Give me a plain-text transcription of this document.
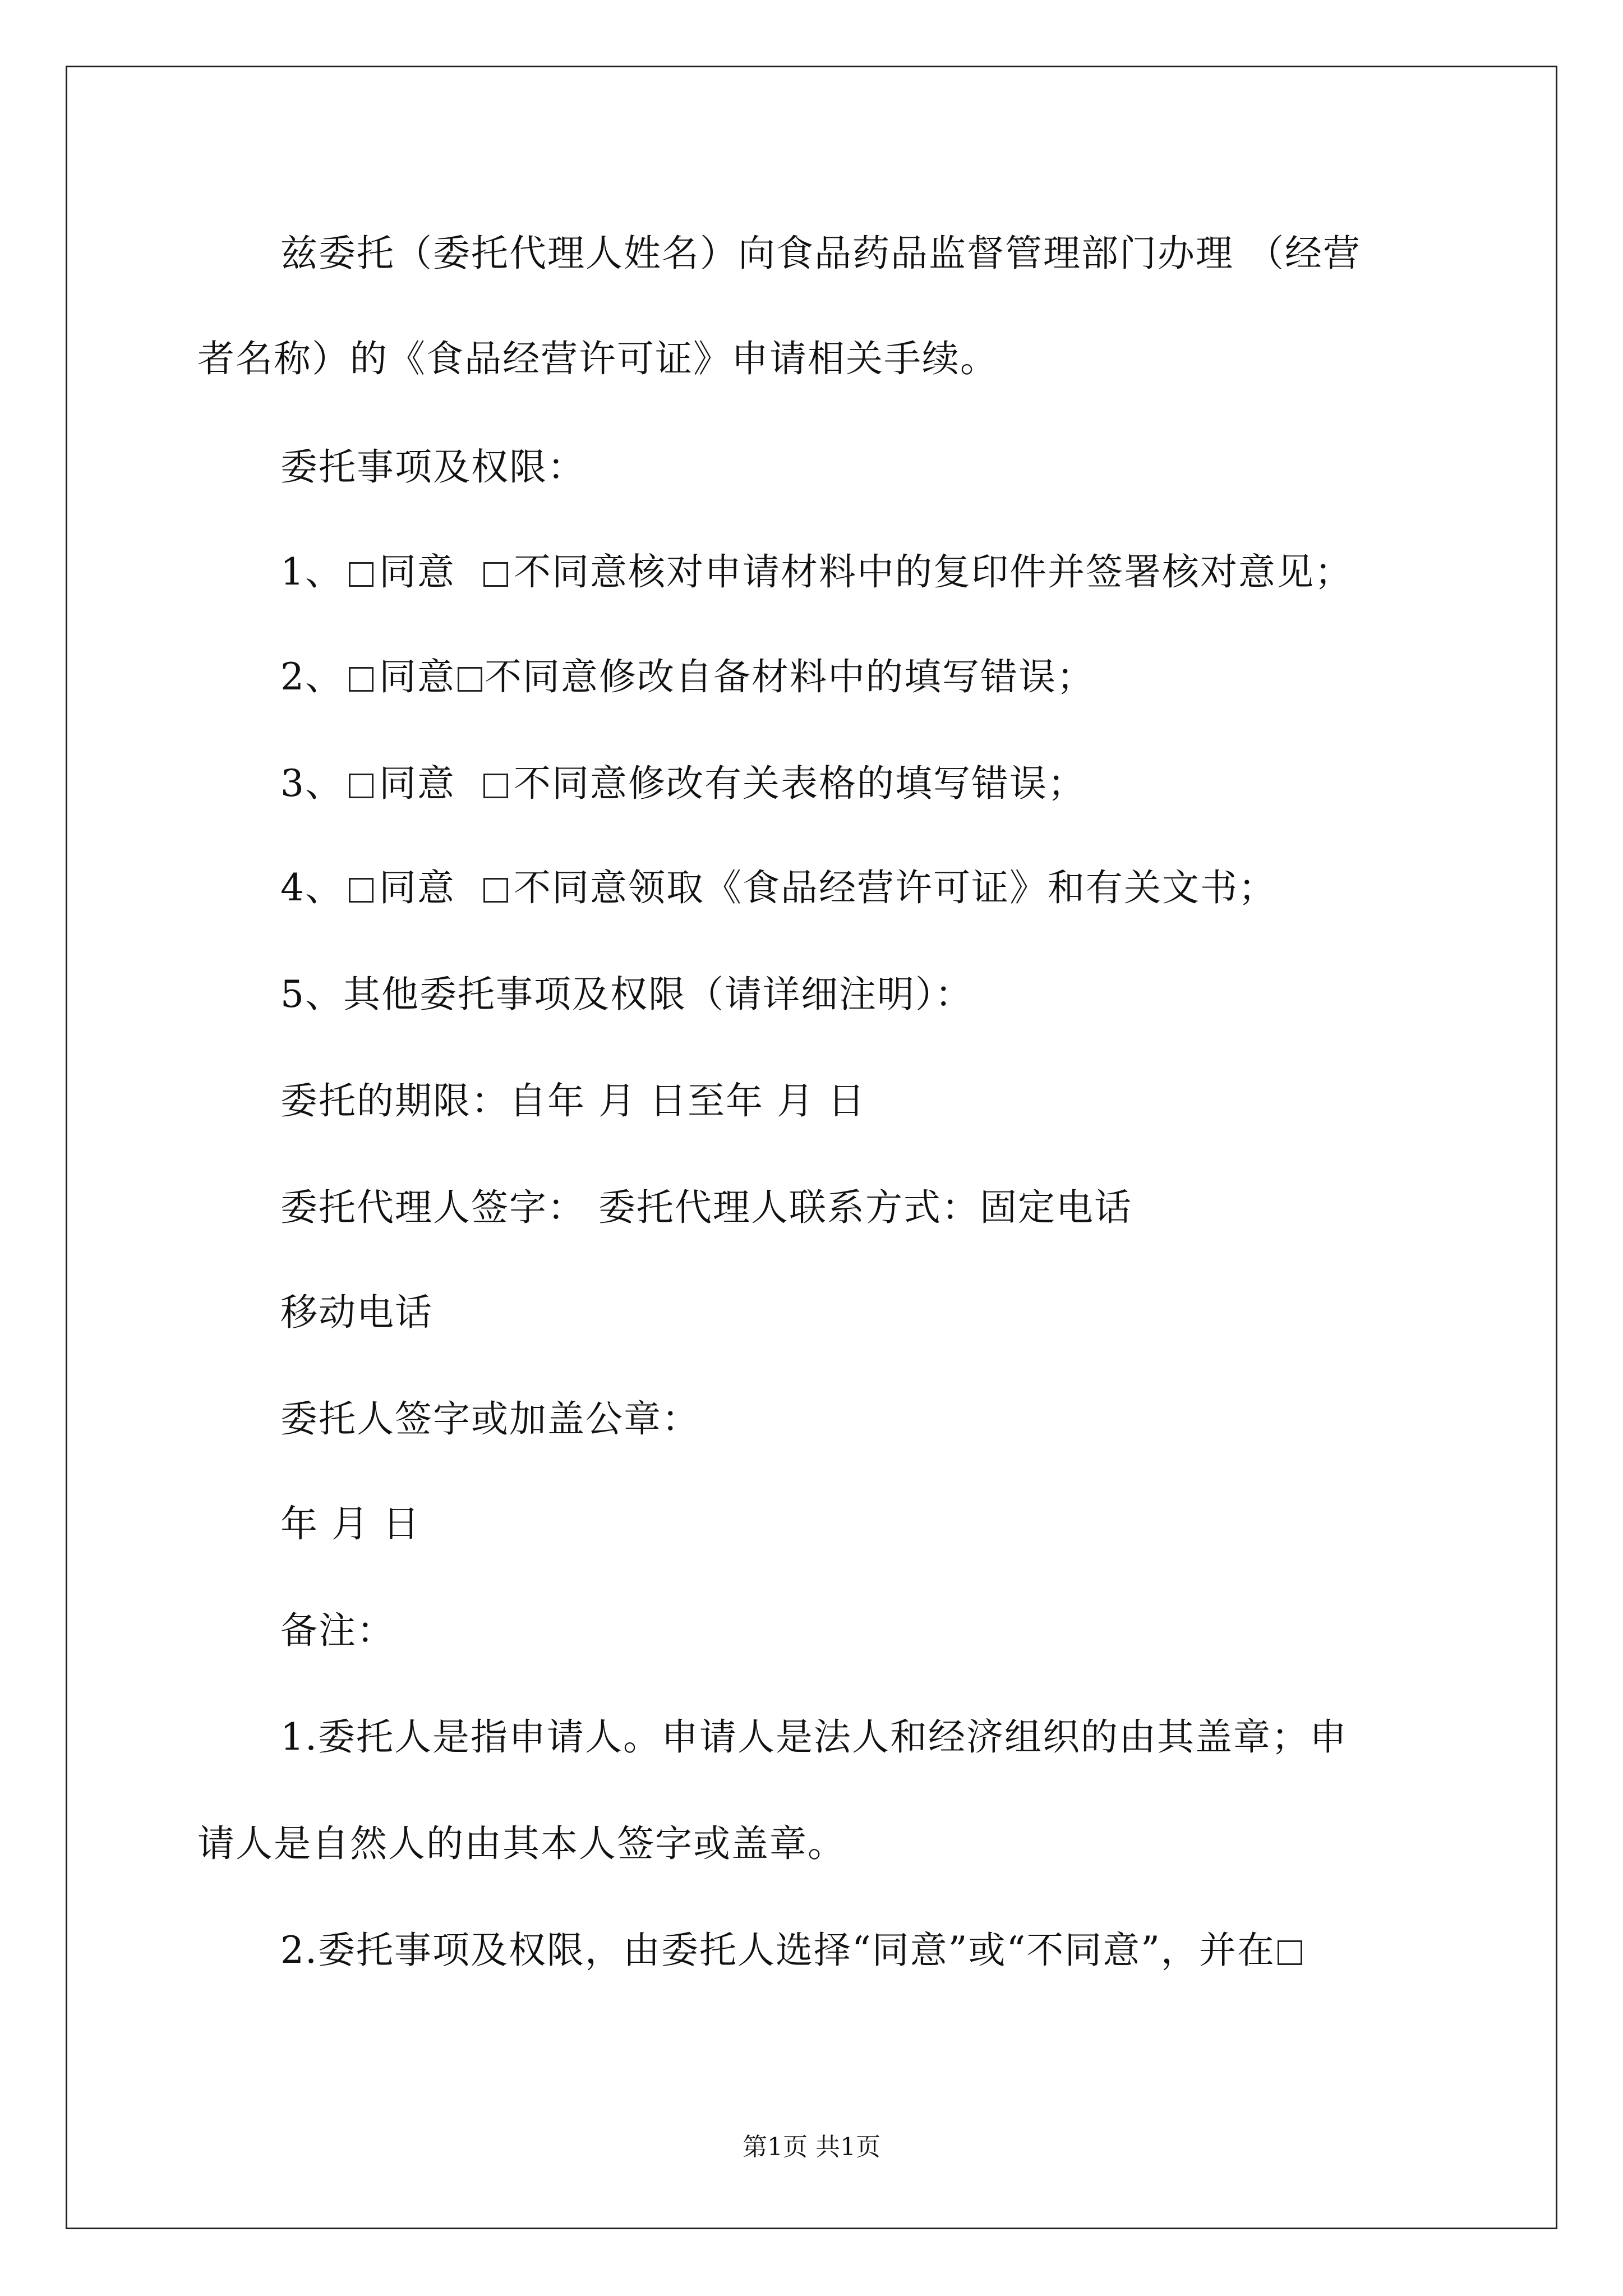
兹委托（委托代理人姓名）向食品药品监督管理部门办理 （经营
者名称）的《食品经营许可证》申请相关手续。
委托事项及权限：
1、 同意 不同意核对申请材料中的复印件并签署核对意见；
2、 同意 不同意修改自备材料中的填写错误；
3、 同意 不同意修改有关表格的填写错误；
4、 同意 不同意领取《食品经营许可证》和有关文书；
5、其他委托事项及权限（请详细注明）：
委托的期限：自年 月 日至年 月 日
委托代理人签字： 委托代理人联系方式：固定电话
移动电话
委托人签字或加盖公章：
年 月 日
备注：
1.委托人是指申请人。申请人是法人和经济组织的由其盖章；申
请人是自然人的由其本人签字或盖章。
2.委托事项及权限，由委托人选择“同意”或“不同意”，并在
第1页 共1页
